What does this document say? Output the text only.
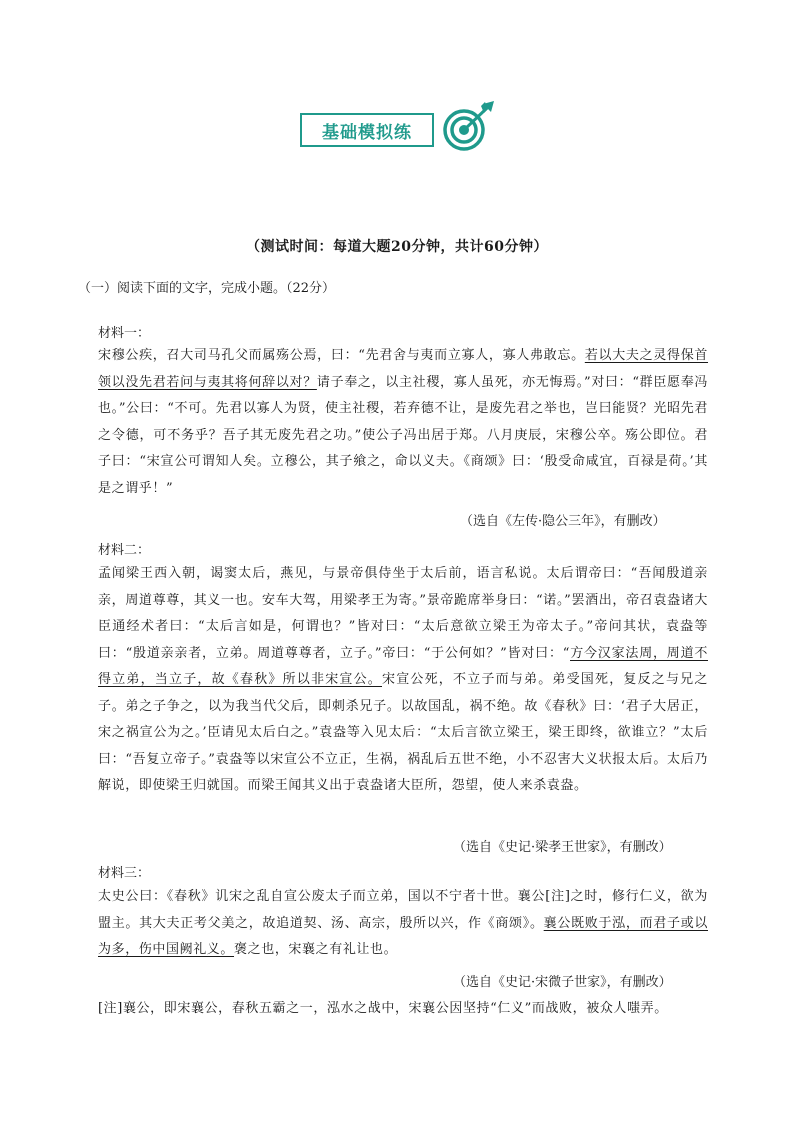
基础模拟练
（测试时间：每道大题20分钟，共计60分钟）
（一）阅读下面的文字，完成小题。（22分）
材料一：

宋穆公疾，召大司马孔父而属殇公焉，曰：“先君舍与夷而立寡人，寡人弗敢忘。若以大夫之灵得保首领以没先君若问与夷其将何辞以对？请子奉之，以主社稷，寡人虽死，亦无悔焉。”对曰：“群臣愿奉冯也。”公曰：“不可。先君以寡人为贤，使主社稷，若弃德不让，是废先君之举也，岂曰能贤？光昭先君之令德，可不务乎？吾子其无废先君之功。”使公子冯出居于郑。八月庚辰，宋穆公卒。殇公即位。君子曰：“宋宣公可谓知人矣。立穆公，其子飨之，命以义夫。《商颂》曰：‘殷受命咸宜，百禄是荷。’其是之谓乎！”

（选自《左传·隐公三年》，有删改）
材料二：

孟闻梁王西入朝，谒窦太后，燕见，与景帝俱侍坐于太后前，语言私说。太后谓帝曰：“吾闻殷道亲亲，周道尊尊，其义一也。安车大驾，用梁孝王为寄。”景帝跪席举身曰：“诺。”罢酒出，帝召袁盎诸大臣通经术者曰：“太后言如是，何谓也？”皆对曰：“太后意欲立梁王为帝太子。”帝问其状，袁盎等曰：“殷道亲亲者，立弟。周道尊尊者，立子。”帝曰：“于公何如？”皆对曰：“方今汉家法周，周道不得立弟，当立子，故《春秋》所以非宋宣公。宋宣公死，不立子而与弟。弟受国死，复反之与兄之子。弟之子争之，以为我当代父后，即刺杀兄子。以故国乱，祸不绝。故《春秋》曰：‘君子大居正，宋之祸宣公为之。’臣请见太后白之。”袁盎等入见太后：“太后言欲立梁王，梁王即终，欲谁立？”太后曰：“吾复立帝子。”袁盎等以宋宣公不立正，生祸，祸乱后五世不绝，小不忍害大义状报太后。太后乃解说，即使梁王归就国。而梁王闻其义出于袁盎诸大臣所，怨望，使人来杀袁盎。

（选自《史记·梁孝王世家》，有删改）
材料三：

太史公曰：《春秋》讥宋之乱自宣公废太子而立弟，国以不宁者十世。襄公[注]之时，修行仁义，欲为盟主。其大夫正考父美之，故追道契、汤、高宗，殷所以兴，作《商颂》。襄公既败于泓，而君子或以为多，伤中国阙礼义。褒之也，宋襄之有礼让也。

（选自《史记·宋微子世家》，有删改）
[注]襄公，即宋襄公，春秋五霸之一，泓水之战中，宋襄公因坚持“仁义”而战败，被众人嗤弄。
